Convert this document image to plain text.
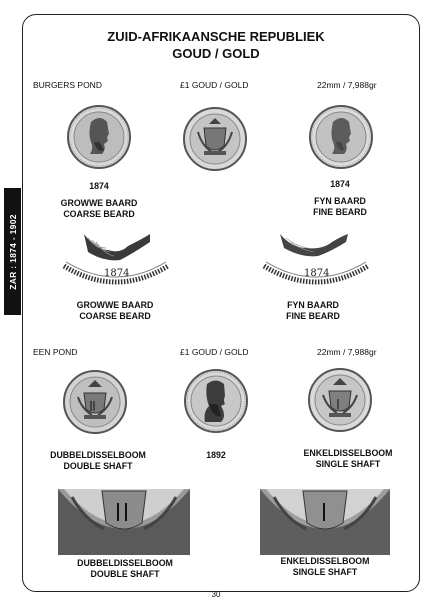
ZAR : 1874 - 1902
ZUID-AFRIKAANSCHE REPUBLIEK
GOUD / GOLD
BURGERS POND	£1 GOUD / GOLD	22mm / 7,988gr
1874
GROWWE BAARD
COARSE BEARD
1874
FYN BAARD
FINE BEARD
1874	1874
GROWWE BAARD
COARSE BEARD
FYN BAARD
FINE BEARD
EEN POND	£1 GOUD / GOLD	22mm / 7,988gr
DUBBELDISSELBOOM
DOUBLE SHAFT
1892	ENKELDISSELBOOM
SINGLE SHAFT
DUBBELDISSELBOOM
DOUBLE SHAFT
ENKELDISSELBOOM
SINGLE SHAFT
30
